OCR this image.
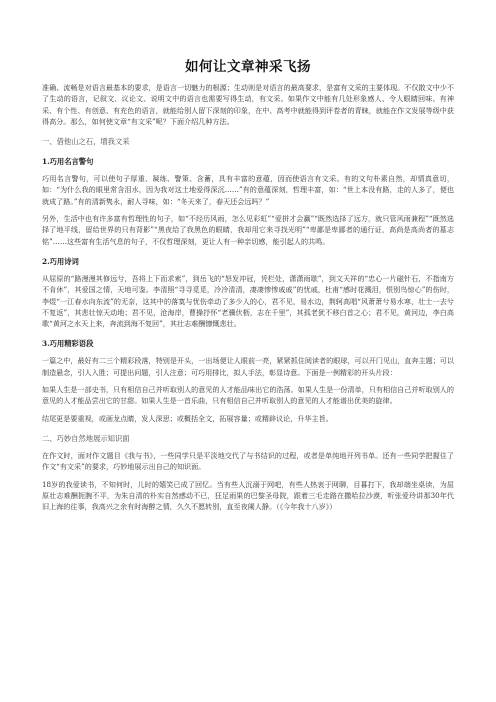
如何让文章神采飞扬

准确、流畅是对语言最基本的要求，是语言一切魅力的根源；生动则是对语言的最高要求，是富有文采的主要体现。不仅散文中少不了生动的语言，记叙文、议论文、说明文中的语言也需要写得生动，有文采。如果作文中能有几处形象感人、令人眼睛回味、有神采、有个性、有创意、有充色的语言，就能给别人留下深刻的印象，在中、高考中就能得到评卷者的青睐，就能在作文发展等级中获得高分。那么，如何使文章“有文采”呢？下面介绍几种方法。

一、借他山之石，增我文采
1.巧用名言警句

巧用名言警句，可以使句子厚重、凝练、警策、含蓄，具有丰富的意蕴，因而使语言有文采。有的文句朴素自然，却情真意切，如：“为什么我的眼里常含泪水，因为我对这土地爱得深沉……”有的意蕴深刻，哲理丰富，如：“世上本没有路，走的人多了，便也就成了路。”有的清新隽永，耐人寻味，如：“冬天来了，春天还会远吗？”

另外，生活中也有许多富有哲理性的句子，如“不经历风雨，怎么见彩虹”“爱拼才会赢”“既然选择了远方，就只管风雨兼程”“既然选择了地平线，留给世界的只有背影”“黑夜给了我黑色的眼睛，我却用它来寻找光明”“卑鄙是卑鄙者的通行证，高尚是高尚者的墓志铭”……这些富有生活气息的句子，不仅哲理深刻，更让人有一种亲切感，能引起人的共鸣。

2.巧用诗词

从屈原的“路漫漫其修远兮，吾将上下而求索”，到岳飞的“怒发冲冠，凭栏处，潇潇雨歇”，到文天祥的“忠心一片磁针石，不指南方不肯休”，其爱国之情，天地可鉴。李清照“寻寻觅觅，冷冷清清，凄凄惨惨戚戚”的忧戚，杜甫“感时花溅泪，恨别鸟惊心”的伤时，李煜“一江春水向东流”的无奈，这其中的落寞与忧伤牵动了多少人的心，君不见，易水边，荆轲高唱“风萧萧兮易水寒，壮士一去兮不复返”，其悲壮惊天动地；君不见，沧海岸，曹操抒怀“老骥伏枥，志在千里”，其孤老犹不移白首之心；君不见，黄河边，李白高歌“黄河之水天上来，奔流到海不复回”，其壮志难酬慷慨悲壮。

3.巧用精彩语段

一篇之中，最好有二三个精彩段落，特别是开头，一出场便让人眼前一亮，紧紧抓住阅读者的眼球，可以开门见山，直奔主题；可以制造悬念，引人入胜；可提出问题，引人注意；可巧用排比，拟人手法，彰显诗意。下面是一例精彩的开头片段：

如果人生是一部史书，只有相信自己并听取别人的意见的人才能品味出它的浩荡。如果人生是一份清单，只有相信自己并听取别人的意见的人才能品尝出它的甘甜。如果人生是一首乐曲，只有相信自己并听取别人的意见的人才能谱出优美的旋律。

结尾更是要重视，或画龙点睛，发人深思；或概括全文，拓展容量；或精辟议论，升华主旨。

二、巧妙自然地展示知识面

在作文时，面对作文题目《我与书》，一些同学只是平淡地交代了与书结识的过程，或者是单纯地开列书单。还有一些同学把握住了作文“有文采”的要求，巧妙地展示出自己的知识面。

18岁的我爱读书，不知何时，儿时的嬉笑已成了回忆。当有些人沉溺于网吧，有些人热衷于网聊，目暮打下，我却端坐桌读，为屈原壮志难酬扼腕不平，为朱自清的朴实自然感动不已，狂足雨果的巴黎圣母院，跟着三毛走路在撒哈拉沙漠，听张爱玲讲那30年代旧上海的往事，我高兴之余有时海醉之情，久久不愿转别，直至夜阑人静。（《今年我十八岁》）
